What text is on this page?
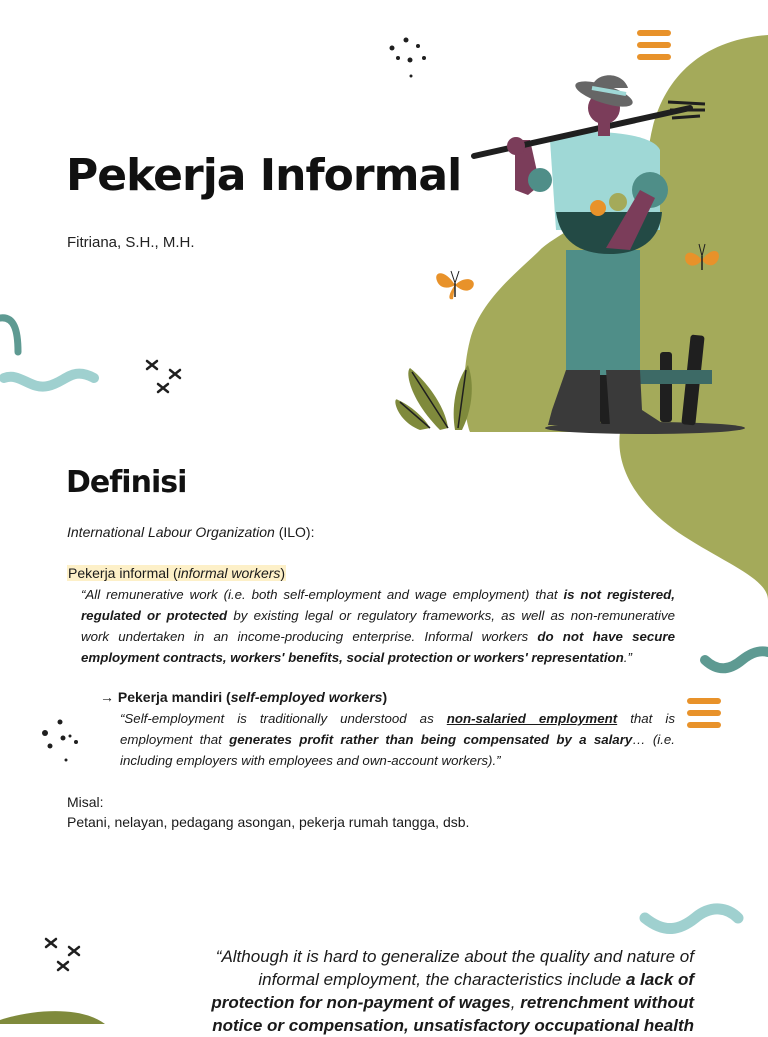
Pekerja Informal
Fitriana, S.H., M.H.
Definisi
International Labour Organization (ILO):
Pekerja informal (informal workers)
“All remunerative work (i.e. both self-employment and wage employment) that is not registered, regulated or protected by existing legal or regulatory frameworks, as well as non-remunerative work undertaken in an income-producing enterprise. Informal workers do not have secure employment contracts, workers' benefits, social protection or workers' representation.”
→ Pekerja mandiri (self-employed workers)
“Self-employment is traditionally understood as non-salaried employment that is employment that generates profit rather than being compensated by a salary… (i.e. including employers with employees and own-account workers).”
Misal:
Petani, nelayan, pedagang asongan, pekerja rumah tangga, dsb.
“Although it is hard to generalize about the quality and nature of informal employment, the characteristics include a lack of protection for non-payment of wages, retrenchment without notice or compensation, unsatisfactory occupational health
